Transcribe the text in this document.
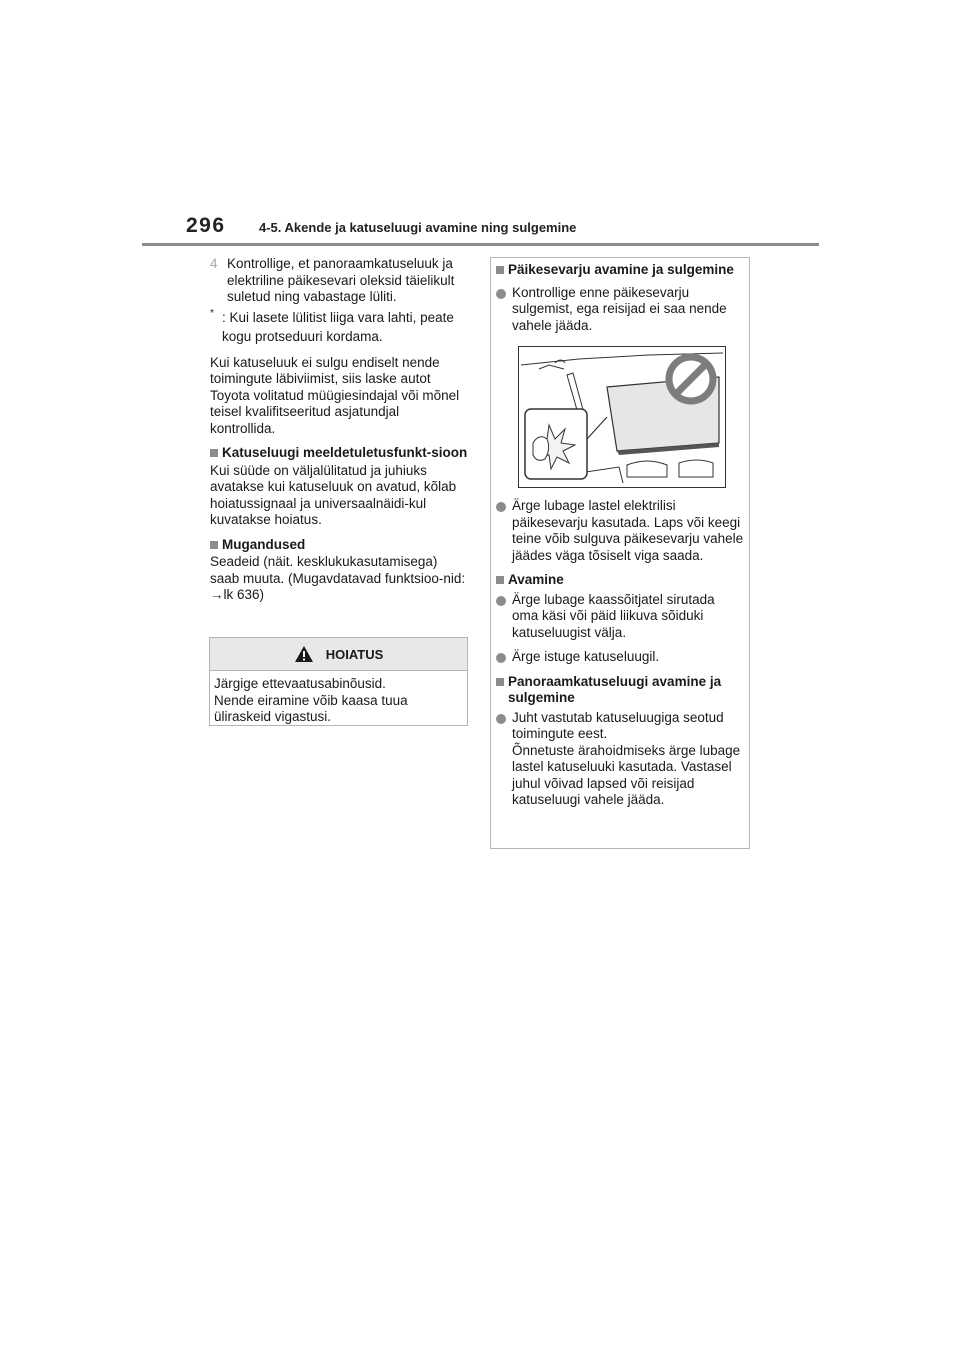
296	4-5. Akende ja katuseluugi avamine ning sulgemine
4 Kontrollige, et panoraamkatuseluuk ja elektriline päikesevari oleksid täielikult suletud ning vabastage lüliti.
* : Kui lasete lülitist liiga vara lahti, peate kogu protseduuri kordama.

Kui katuseluuk ei sulgu endiselt nende toimingute läbiviimist, siis laske autot Toyota volitatud müügiesindajal või mõnel teisel kvalifitseeritud asjatundjal kontrollida.

Katuseluugi meeldetuletusfunkt-sioon

Kui süüde on väljalülitatud ja juhiuks avatakse kui katuseluuk on avatud, kõlab hoiatussignaal ja universaalnäidi-kul kuvatakse hoiatus.

Mugandused

Seadeid (näit. kesklukukasutamisega) saab muuta. (Mugavdatavad funktsioo-nid: →lk 636)

HOIATUS
Järgige ettevaatusabinõusid.
Nende eiramine võib kaasa tuua
üliraskeid vigastusi.
Päikesevarju avamine ja sulgemine
Kontrollige enne päikesevarju sulgemist, ega reisijad ei saa nende vahele jääda.
Ärge lubage lastel elektrilisi päikesevarju kasutada. Laps või keegi teine võib sulguva päikesevarju vahele jäädes väga tõsiselt viga saada.
Avamine
Ärge lubage kaassõitjatel sirutada oma käsi või päid liikuva sõiduki katuseluugist välja.
Ärge istuge katuseluugil.
Panoraamkatuseluugi avamine ja sulgemine
Juht vastutab katuseluugiga seotud toimingute eest.
Õnnetuste ärahoidmiseks ärge lubage lastel katuseluuki kasutada. Vastasel juhul võivad lapsed või reisijad katuseluugi vahele jääda.
